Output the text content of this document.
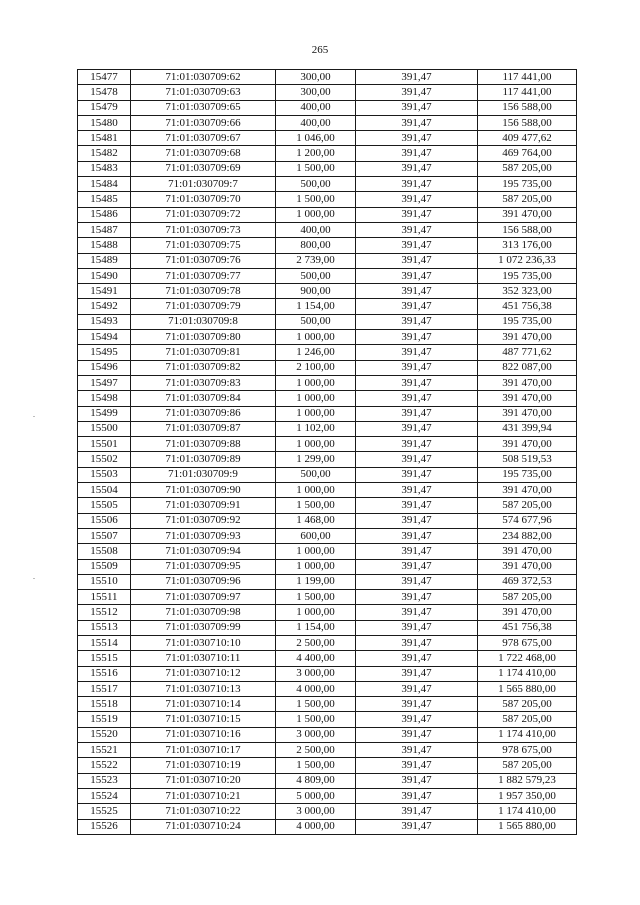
265
15477	71:01:030709:62	300,00	391,47	117 441,00
15478	71:01:030709:63	300,00	391,47	117 441,00
15479	71:01:030709:65	400,00	391,47	156 588,00
15480	71:01:030709:66	400,00	391,47	156 588,00
15481	71:01:030709:67	1 046,00	391,47	409 477,62
15482	71:01:030709:68	1 200,00	391,47	469 764,00
15483	71:01:030709:69	1 500,00	391,47	587 205,00
15484	71:01:030709:7	500,00	391,47	195 735,00
15485	71:01:030709:70	1 500,00	391,47	587 205,00
15486	71:01:030709:72	1 000,00	391,47	391 470,00
15487	71:01:030709:73	400,00	391,47	156 588,00
15488	71:01:030709:75	800,00	391,47	313 176,00
15489	71:01:030709:76	2 739,00	391,47	1 072 236,33
15490	71:01:030709:77	500,00	391,47	195 735,00
15491	71:01:030709:78	900,00	391,47	352 323,00
15492	71:01:030709:79	1 154,00	391,47	451 756,38
15493	71:01:030709:8	500,00	391,47	195 735,00
15494	71:01:030709:80	1 000,00	391,47	391 470,00
15495	71:01:030709:81	1 246,00	391,47	487 771,62
15496	71:01:030709:82	2 100,00	391,47	822 087,00
15497	71:01:030709:83	1 000,00	391,47	391 470,00
15498	71:01:030709:84	1 000,00	391,47	391 470,00
15499	71:01:030709:86	1 000,00	391,47	391 470,00
15500	71:01:030709:87	1 102,00	391,47	431 399,94
15501	71:01:030709:88	1 000,00	391,47	391 470,00
15502	71:01:030709:89	1 299,00	391,47	508 519,53
15503	71:01:030709:9	500,00	391,47	195 735,00
15504	71:01:030709:90	1 000,00	391,47	391 470,00
15505	71:01:030709:91	1 500,00	391,47	587 205,00
15506	71:01:030709:92	1 468,00	391,47	574 677,96
15507	71:01:030709:93	600,00	391,47	234 882,00
15508	71:01:030709:94	1 000,00	391,47	391 470,00
15509	71:01:030709:95	1 000,00	391,47	391 470,00
15510	71:01:030709:96	1 199,00	391,47	469 372,53
15511	71:01:030709:97	1 500,00	391,47	587 205,00
15512	71:01:030709:98	1 000,00	391,47	391 470,00
15513	71:01:030709:99	1 154,00	391,47	451 756,38
15514	71:01:030710:10	2 500,00	391,47	978 675,00
15515	71:01:030710:11	4 400,00	391,47	1 722 468,00
15516	71:01:030710:12	3 000,00	391,47	1 174 410,00
15517	71:01:030710:13	4 000,00	391,47	1 565 880,00
15518	71:01:030710:14	1 500,00	391,47	587 205,00
15519	71:01:030710:15	1 500,00	391,47	587 205,00
15520	71:01:030710:16	3 000,00	391,47	1 174 410,00
15521	71:01:030710:17	2 500,00	391,47	978 675,00
15522	71:01:030710:19	1 500,00	391,47	587 205,00
15523	71:01:030710:20	4 809,00	391,47	1 882 579,23
15524	71:01:030710:21	5 000,00	391,47	1 957 350,00
15525	71:01:030710:22	3 000,00	391,47	1 174 410,00
15526	71:01:030710:24	4 000,00	391,47	1 565 880,00
